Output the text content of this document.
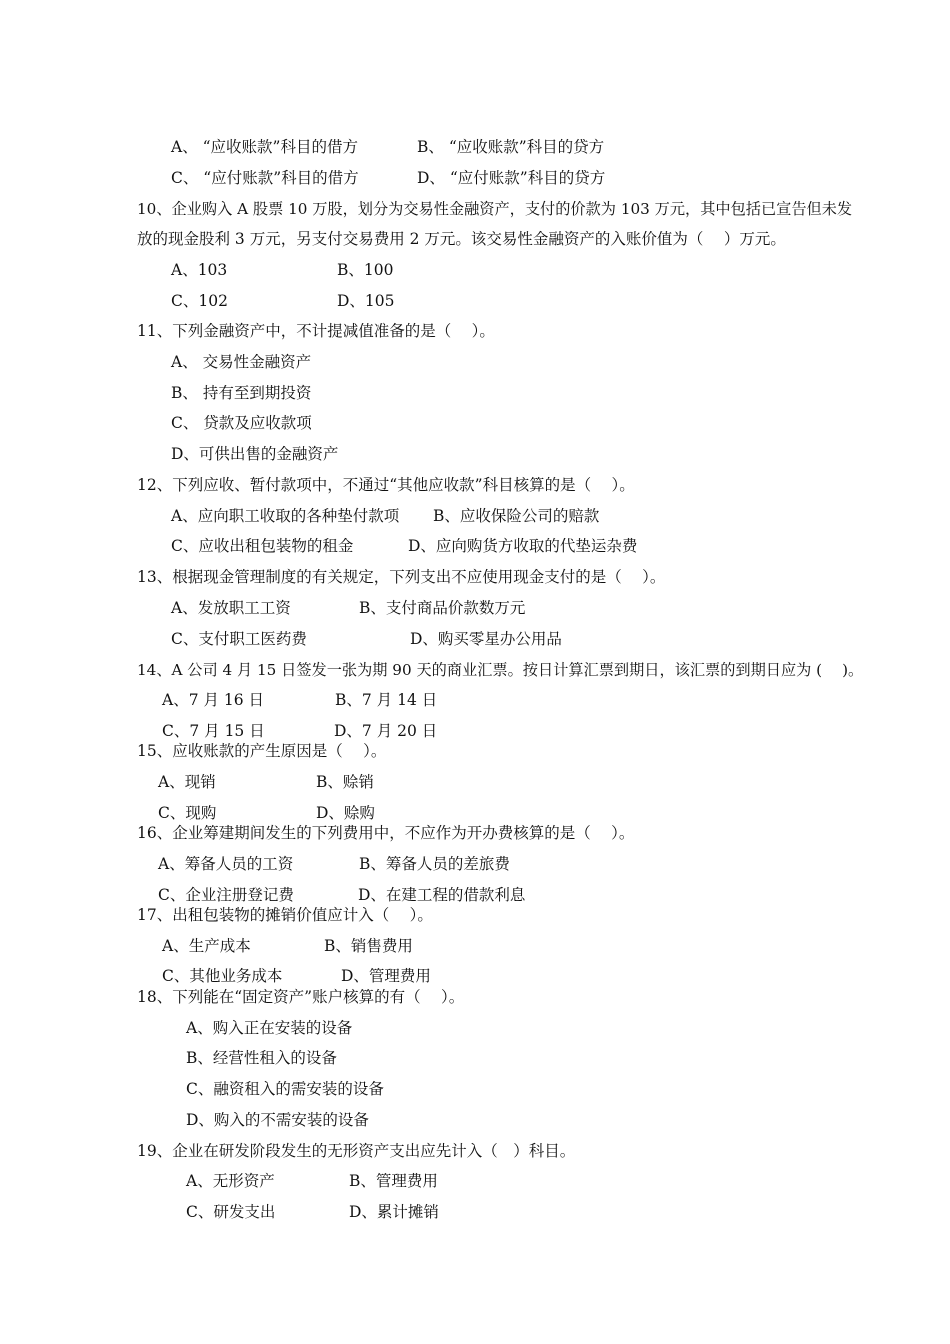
A、 “应收账款”科目的借方	B、 “应收账款”科目的贷方
C、 “应付账款”科目的借方	D、 “应付账款”科目的贷方
10、企业购入 A 股票 10 万股，划分为交易性金融资产，支付的价款为 103 万元，其中包括已宣告但未发
放的现金股利 3 万元，另支付交易费用 2 万元。该交易性金融资产的入账价值为（　 ）万元。
A、103	B、100
C、102	D、105
11、下列金融资产中，不计提减值准备的是（　 ）。
A、 交易性金融资产
B、 持有至到期投资
C、 贷款及应收款项
D、可供出售的金融资产
12、下列应收、暂付款项中，不通过“其他应收款”科目核算的是（　 ）。
A、应向职工收取的各种垫付款项 B、应收保险公司的赔款
C、应收出租包装物的租金	D、应向购货方收取的代垫运杂费
13、根据现金管理制度的有关规定，下列支出不应使用现金支付的是（　 ）。
A、发放职工工资	B、支付商品价款数万元
C、支付职工医药费	D、购买零星办公用品
14、A 公司 4 月 15 日签发一张为期 90 天的商业汇票。按日计算汇票到期日，该汇票的到期日应为 (　 )。
A、7 月 16 日	B、7 月 14 日
C、7 月 15 日	D、7 月 20 日
15、应收账款的产生原因是（　 ）。
A、现销	B、赊销
C、现购	D、赊购
16、企业筹建期间发生的下列费用中，不应作为开办费核算的是（　 ）。
A、筹备人员的工资	B、筹备人员的差旅费
C、企业注册登记费	D、在建工程的借款利息
17、出租包装物的摊销价值应计入（　 ）。
A、生产成本	B、销售费用
C、其他业务成本	D、管理费用
18、下列能在“固定资产”账户核算的有（　 ）。
A、购入正在安装的设备
B、经营性租入的设备
C、融资租入的需安装的设备
D、购入的不需安装的设备
19、企业在研发阶段发生的无形资产支出应先计入（　）科目。
A、无形资产	B、管理费用
C、研发支出	D、累计摊销
